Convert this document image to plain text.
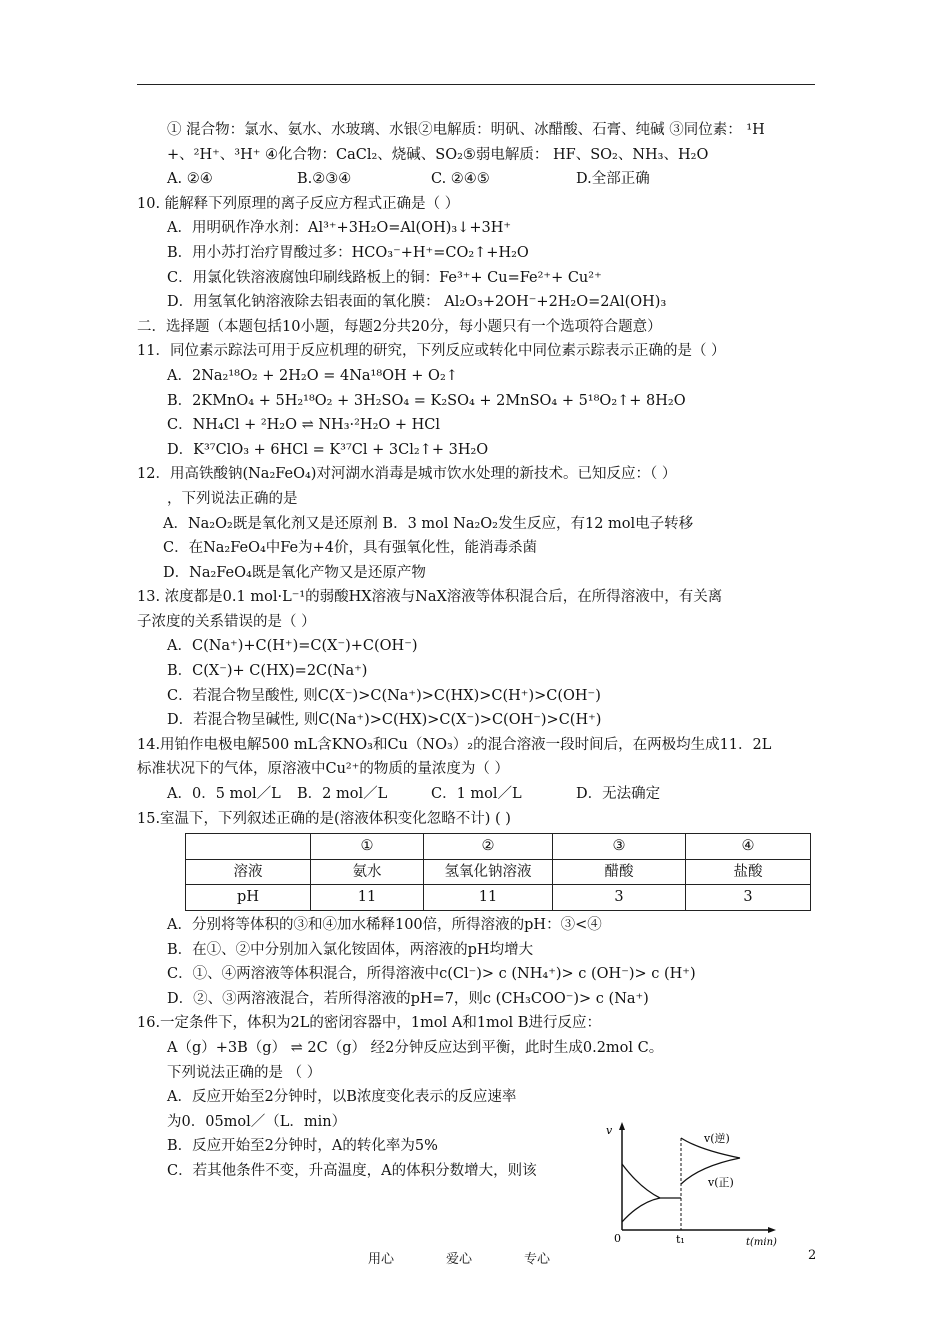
① 混合物：氯水、氨水、水玻璃、水银②电解质：明矾、冰醋酸、石膏、纯碱 ③同位素： ¹H
+、²H⁺、³H⁺ ④化合物：CaCl₂、烧碱、SO₂⑤弱电解质： HF、SO₂、NH₃、H₂O
A. ②④	B.②③④	C. ②④⑤	D.全部正确
10. 能解释下列原理的离子反应方程式正确是（ ）
A．用明矾作净水剂：Al³⁺+3H₂O=Al(OH)₃↓+3H⁺
B．用小苏打治疗胃酸过多：HCO₃⁻+H⁺=CO₂↑+H₂O
C．用氯化铁溶液腐蚀印刷线路板上的铜：Fe³⁺+ Cu=Fe²⁺+ Cu²⁺
D．用氢氧化钠溶液除去铝表面的氧化膜： Al₂O₃+2OH⁻+2H₂O=2Al(OH)₃
二．选择题（本题包括10小题，每题2分共20分，每小题只有一个选项符合题意）
11．同位素示踪法可用于反应机理的研究，下列反应或转化中同位素示踪表示正确的是（ ）
A．2Na₂¹⁸O₂ + 2H₂O = 4Na¹⁸OH + O₂↑
B．2KMnO₄ + 5H₂¹⁸O₂ + 3H₂SO₄ = K₂SO₄ + 2MnSO₄ + 5¹⁸O₂↑+ 8H₂O
C．NH₄Cl + ²H₂O ⇌ NH₃·²H₂O + HCl
D．K³⁷ClO₃ + 6HCl = K³⁷Cl + 3Cl₂↑+ 3H₂O
12．用高铁酸钠(Na₂FeO₄)对河湖水消毒是城市饮水处理的新技术。已知反应：（ ）
，下列说法正确的是
A．Na₂O₂既是氧化剂又是还原剂 B．3 mol Na₂O₂发生反应，有12 mol电子转移
C．在Na₂FeO₄中Fe为+4价，具有强氧化性，能消毒杀菌
D．Na₂FeO₄既是氧化产物又是还原产物
13. 浓度都是0.1 mol·L⁻¹的弱酸HX溶液与NaX溶液等体积混合后，在所得溶液中，有关离
子浓度的关系错误的是（ ）
A．C(Na⁺)+C(H⁺)=C(X⁻)+C(OH⁻)
B．C(X⁻)+ C(HX)=2C(Na⁺)
C．若混合物呈酸性, 则C(X⁻)>C(Na⁺)>C(HX)>C(H⁺)>C(OH⁻)
D．若混合物呈碱性, 则C(Na⁺)>C(HX)>C(X⁻)>C(OH⁻)>C(H⁺)
14.用铂作电极电解500 mL含KNO₃和Cu（NO₃）₂的混合溶液一段时间后，在两极均生成11．2L
标准状况下的气体，原溶液中Cu²⁺的物质的量浓度为（ ）
A．0．5 mol／L	B．2 mol／L	C．1 mol／L	D．无法确定
15.室温下，下列叙述正确的是(溶液体积变化忽略不计) ( )
	①	②	③	④
溶液	氨水	氢氧化钠溶液	醋酸	盐酸
pH	11	11	3	3
A．分别将等体积的③和④加水稀释100倍，所得溶液的pH：③<④
B．在①、②中分别加入氯化铵固体，两溶液的pH均增大
C．①、④两溶液等体积混合，所得溶液中c(Cl⁻)> c (NH₄⁺)> c (OH⁻)> c (H⁺)
D．②、③两溶液混合，若所得溶液的pH=7，则c (CH₃COO⁻)> c (Na⁺)
16.一定条件下，体积为2L的密闭容器中，1mol A和1mol B进行反应：
A（g）+3B（g） ⇌ 2C（g） 经2分钟反应达到平衡，此时生成0.2mol C。
下列说法正确的是 （ ）
A．反应开始至2分钟时，以B浓度变化表示的反应速率
为0．05mol／（L．min）
B．反应开始至2分钟时，A的转化率为5%
C．若其他条件不变，升高温度，A的体积分数增大，则该
v
t(min)
0	t₁
v(逆)
v(正)
用心	爱心	专心	2
